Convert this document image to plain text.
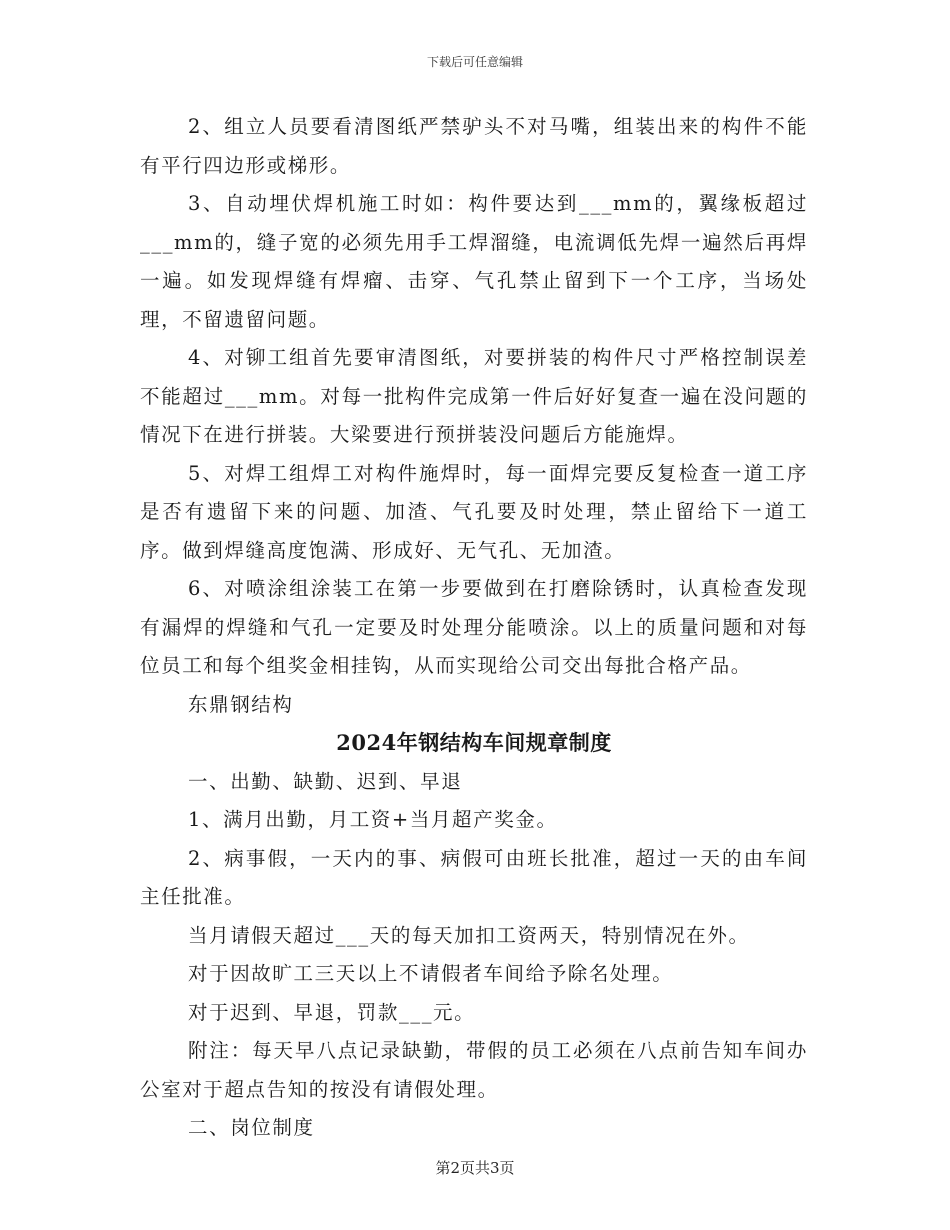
下载后可任意编辑

2、组立人员要看清图纸严禁驴头不对马嘴，组装出来的构件不能有平行四边形或梯形。

3、自动埋伏焊机施工时如：构件要达到___mm的，翼缘板超过___mm的，缝子宽的必须先用手工焊溜缝，电流调低先焊一遍然后再焊一遍。如发现焊缝有焊瘤、击穿、气孔禁止留到下一个工序，当场处理，不留遗留问题。

4、对铆工组首先要审清图纸，对要拼装的构件尺寸严格控制误差不能超过___mm。对每一批构件完成第一件后好好复查一遍在没问题的情况下在进行拼装。大梁要进行预拼装没问题后方能施焊。

5、对焊工组焊工对构件施焊时，每一面焊完要反复检查一道工序是否有遗留下来的问题、加渣、气孔要及时处理，禁止留给下一道工序。做到焊缝高度饱满、形成好、无气孔、无加渣。

6、对喷涂组涂装工在第一步要做到在打磨除锈时，认真检查发现有漏焊的焊缝和气孔一定要及时处理分能喷涂。以上的质量问题和对每位员工和每个组奖金相挂钩，从而实现给公司交出每批合格产品。

东鼎钢结构

2024年钢结构车间规章制度

一、出勤、缺勤、迟到、早退

1、满月出勤，月工资+当月超产奖金。

2、病事假，一天内的事、病假可由班长批准，超过一天的由车间主任批准。

当月请假天超过___天的每天加扣工资两天，特别情况在外。

对于因故旷工三天以上不请假者车间给予除名处理。

对于迟到、早退，罚款___元。

附注：每天早八点记录缺勤，带假的员工必须在八点前告知车间办公室对于超点告知的按没有请假处理。

二、岗位制度

第2页共3页
